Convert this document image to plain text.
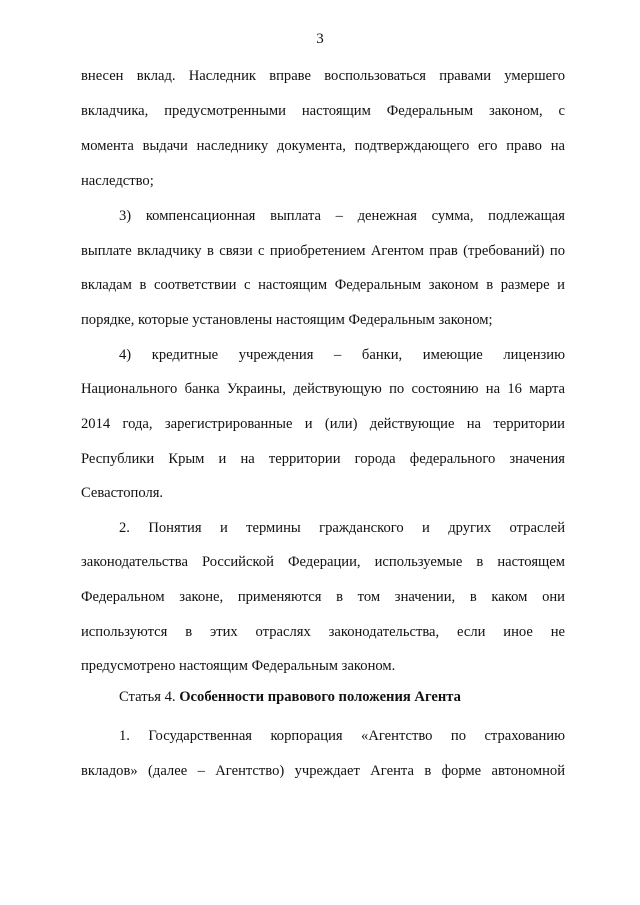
3
внесен вклад. Наследник вправе воспользоваться правами умершего
вкладчика, предусмотренными настоящим Федеральным законом, с
момента выдачи наследнику документа, подтверждающего его право на
наследство;
3) компенсационная выплата – денежная сумма, подлежащая
выплате вкладчику в связи с приобретением Агентом прав (требований) по
вкладам в соответствии с настоящим Федеральным законом в размере и
порядке, которые установлены настоящим Федеральным законом;
4) кредитные учреждения – банки, имеющие лицензию
Национального банка Украины, действующую по состоянию на 16 марта
2014 года, зарегистрированные и (или) действующие на территории
Республики Крым и на территории города федерального значения
Севастополя.
2. Понятия и термины гражданского и других отраслей
законодательства Российской Федерации, используемые в настоящем
Федеральном законе, применяются в том значении, в каком они
используются в этих отраслях законодательства, если иное не
предусмотрено настоящим Федеральным законом.
Статья 4. Особенности правового положения Агента
1. Государственная корпорация «Агентство по страхованию
вкладов» (далее – Агентство) учреждает Агента в форме автономной
